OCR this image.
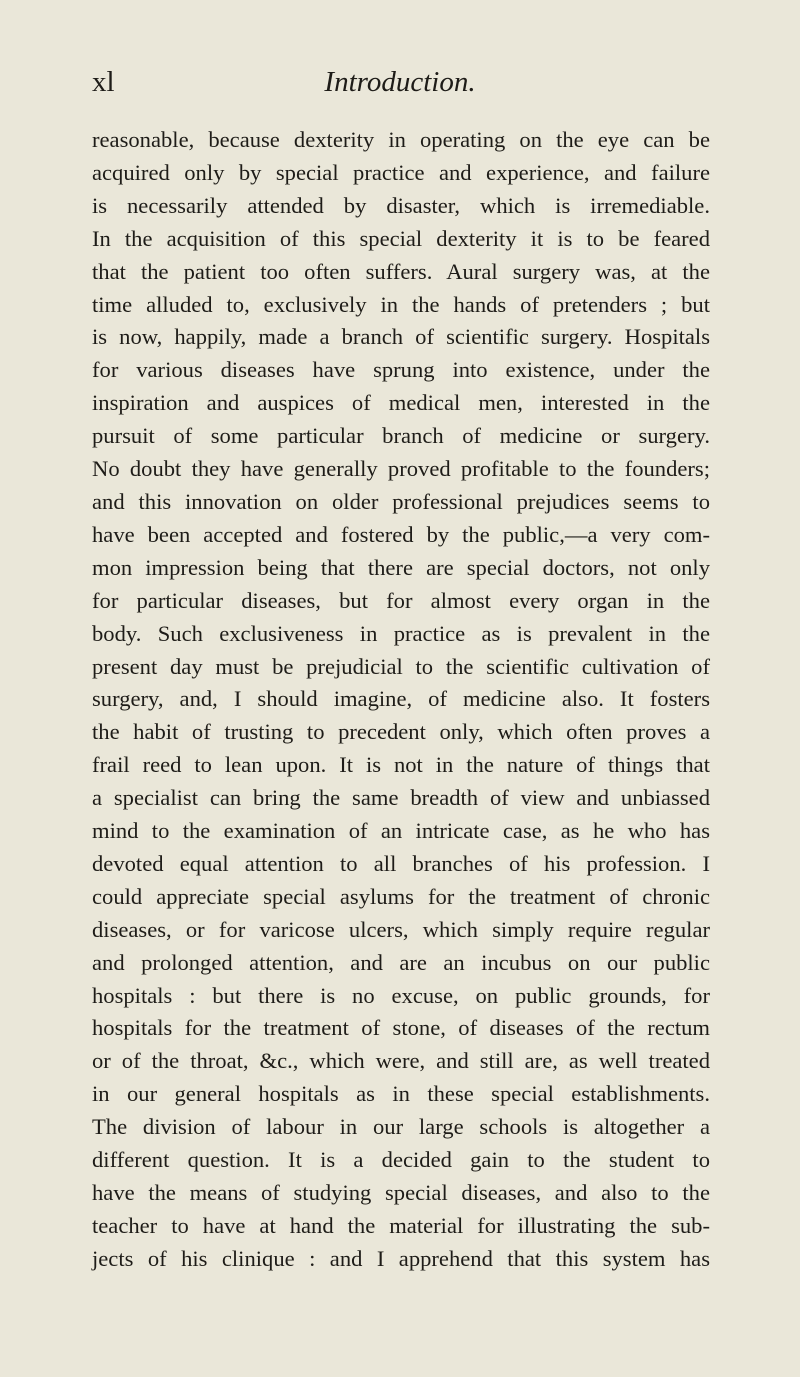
xl	Introduction.
reasonable, because dexterity in operating on the eye can be
acquired only by special practice and experience, and failure
is necessarily attended by disaster, which is irremediable.
In the acquisition of this special dexterity it is to be feared
that the patient too often suffers. Aural surgery was, at the
time alluded to, exclusively in the hands of pretenders ; but
is now, happily, made a branch of scientific surgery. Hospitals
for various diseases have sprung into existence, under the
inspiration and auspices of medical men, interested in the
pursuit of some particular branch of medicine or surgery.
No doubt they have generally proved profitable to the founders;
and this innovation on older professional prejudices seems to
have been accepted and fostered by the public,—a very com-
mon impression being that there are special doctors, not only
for particular diseases, but for almost every organ in the
body. Such exclusiveness in practice as is prevalent in the
present day must be prejudicial to the scientific cultivation of
surgery, and, I should imagine, of medicine also. It fosters
the habit of trusting to precedent only, which often proves a
frail reed to lean upon. It is not in the nature of things that
a specialist can bring the same breadth of view and unbiassed
mind to the examination of an intricate case, as he who has
devoted equal attention to all branches of his profession. I
could appreciate special asylums for the treatment of chronic
diseases, or for varicose ulcers, which simply require regular
and prolonged attention, and are an incubus on our public
hospitals : but there is no excuse, on public grounds, for
hospitals for the treatment of stone, of diseases of the rectum
or of the throat, &c., which were, and still are, as well treated
in our general hospitals as in these special establishments.
The division of labour in our large schools is altogether a
different question. It is a decided gain to the student to
have the means of studying special diseases, and also to the
teacher to have at hand the material for illustrating the sub-
jects of his clinique : and I apprehend that this system has
